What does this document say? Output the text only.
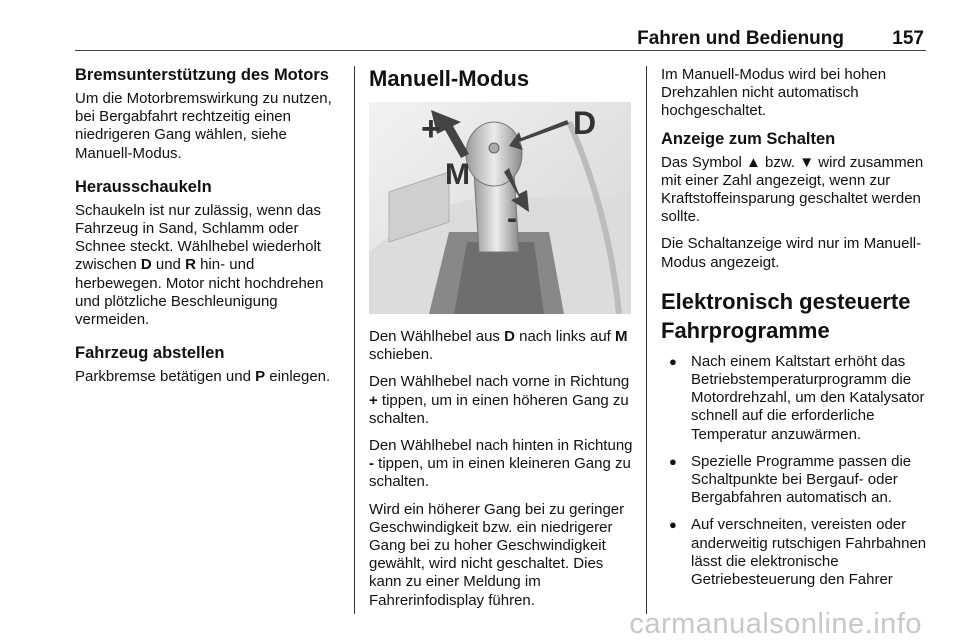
Fahren und Bedienung	157
Bremsunterstützung des Motors

Um die Motorbremswirkung zu nutzen, bei Bergabfahrt rechtzeitig einen niedrigeren Gang wählen, siehe Manuell-Modus.

Herausschaukeln

Schaukeln ist nur zulässig, wenn das Fahrzeug in Sand, Schlamm oder Schnee steckt. Wählhebel wiederholt zwischen D und R hin- und herbewegen. Motor nicht hochdrehen und plötzliche Beschleunigung vermeiden.

Fahrzeug abstellen

Parkbremse betätigen und P einlegen.

Manuell-Modus
+	D
M
-

Den Wählhebel aus D nach links auf M schieben.

Den Wählhebel nach vorne in Richtung + tippen, um in einen höheren Gang zu schalten.

Den Wählhebel nach hinten in Richtung - tippen, um in einen kleineren Gang zu schalten.

Wird ein höherer Gang bei zu geringer Geschwindigkeit bzw. ein niedrigerer Gang bei zu hoher Geschwindigkeit gewählt, wird nicht geschaltet. Dies kann zu einer Meldung im Fahrerinfodisplay führen.

Im Manuell-Modus wird bei hohen Drehzahlen nicht automatisch hochgeschaltet.

Anzeige zum Schalten

Das Symbol ▲ bzw. ▼ wird zusammen mit einer Zahl angezeigt, wenn zur Kraftstoffeinsparung geschaltet werden sollte.

Die Schaltanzeige wird nur im Manuell-Modus angezeigt.

Elektronisch gesteuerte Fahrprogramme
● Nach einem Kaltstart erhöht das Betriebstemperaturprogramm die Motordrehzahl, um den Katalysator schnell auf die erforderliche Temperatur anzuwärmen.
● Spezielle Programme passen die Schaltpunkte bei Bergauf- oder Bergabfahren automatisch an.
● Auf verschneiten, vereisten oder anderweitig rutschigen Fahrbahnen lässt die elektronische Getriebesteuerung den Fahrer
carmanualsonline.info
